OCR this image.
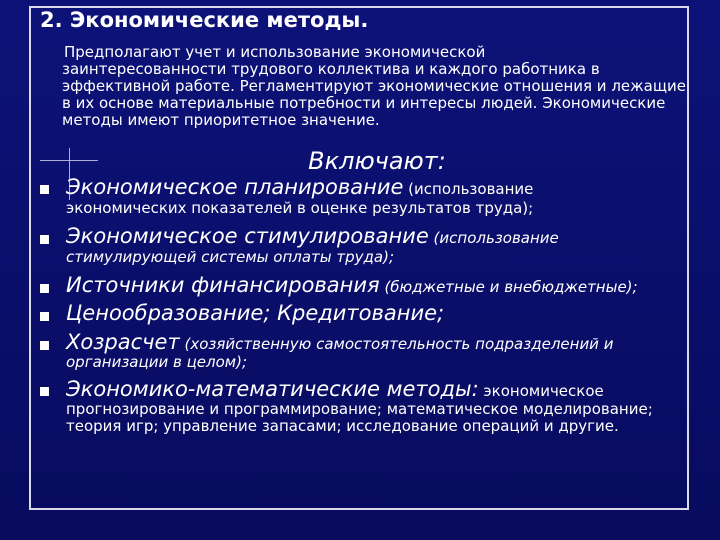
2. Экономические методы.
Предполагают учет и использование экономической
заинтересованности трудового коллектива и каждого работника в эффективной работе. Регламентируют экономические отношения и лежащие в их основе материальные потребности и интересы людей. Экономические методы имеют приоритетное значение.
Включают:
Экономическое планирование (использование
экономических показателей в оценке результатов труда);
Экономическое стимулирование (использование
стимулирующей системы оплаты труда);
Источники финансирования (бюджетные и внебюджетные);
Ценообразование; Кредитование;
Хозрасчет (хозяйственную самостоятельность подразделений и
организации в целом);
Экономико-математические методы: экономическое
прогнозирование и программирование; математическое моделирование; теория игр; управление запасами; исследование операций и другие.
